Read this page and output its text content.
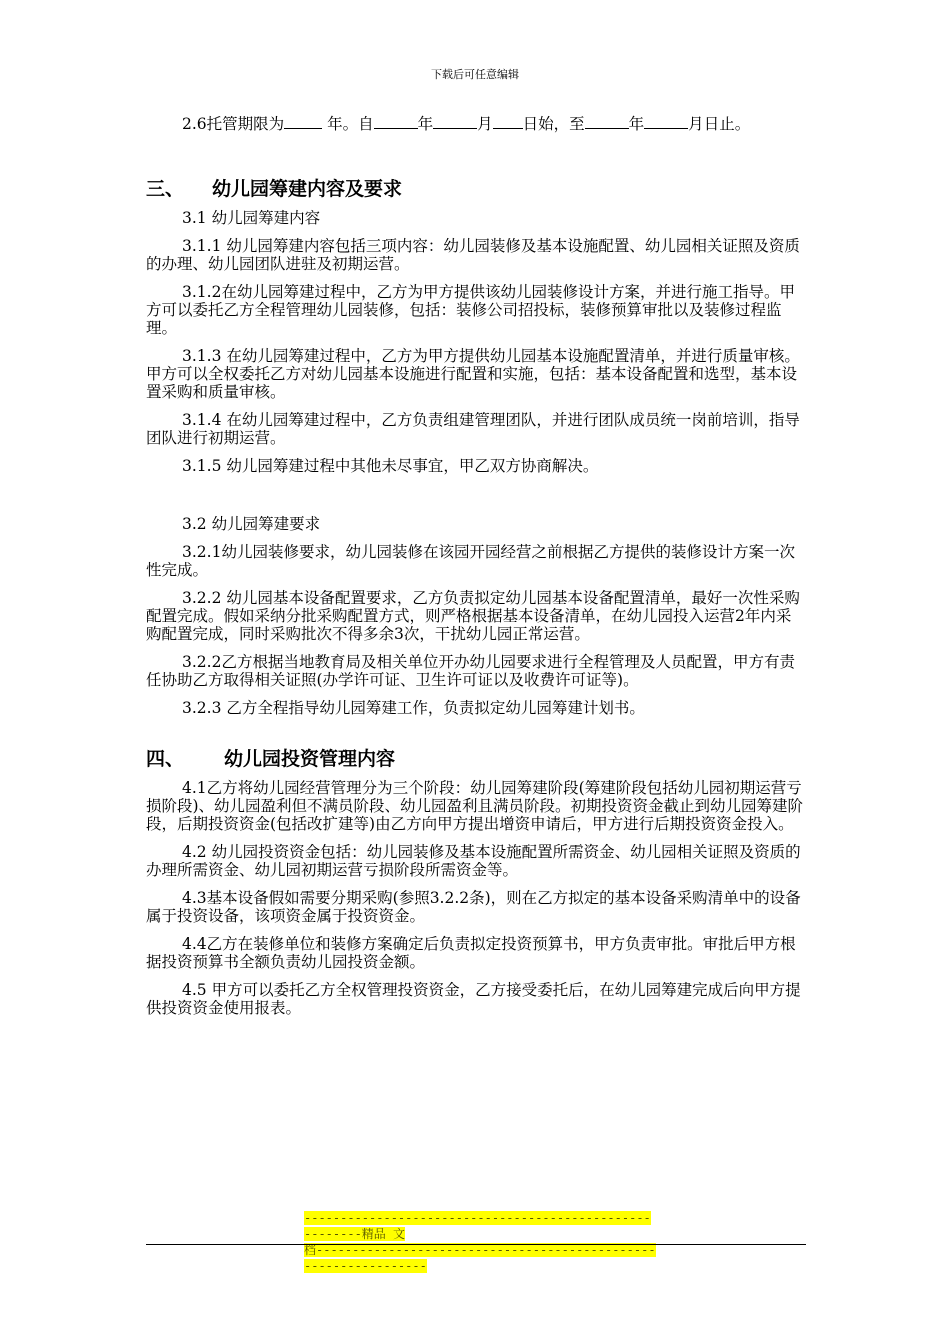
下载后可任意编辑

2.6托管期限为	年。自	年	月 日始，至	年	月日止。

三、 幼儿园筹建内容及要求

3.1 幼儿园筹建内容

3.1.1 幼儿园筹建内容包括三项内容：幼儿园装修及基本设施配置、幼儿园相关证照及资质的办理、幼儿园团队进驻及初期运营。

3.1.2在幼儿园筹建过程中，乙方为甲方提供该幼儿园装修设计方案，并进行施工指导。甲方可以委托乙方全程管理幼儿园装修，包括：装修公司招投标，装修预算审批以及装修过程监理。

3.1.3 在幼儿园筹建过程中，乙方为甲方提供幼儿园基本设施配置清单，并进行质量审核。甲方可以全权委托乙方对幼儿园基本设施进行配置和实施，包括：基本设备配置和选型，基本设置采购和质量审核。

3.1.4 在幼儿园筹建过程中，乙方负责组建管理团队，并进行团队成员统一岗前培训，指导团队进行初期运营。

3.1.5 幼儿园筹建过程中其他未尽事宜，甲乙双方协商解决。

3.2 幼儿园筹建要求

3.2.1幼儿园装修要求，幼儿园装修在该园开园经营之前根据乙方提供的装修设计方案一次性完成。

3.2.2 幼儿园基本设备配置要求，乙方负责拟定幼儿园基本设备配置清单，最好一次性采购配置完成。假如采纳分批采购配置方式，则严格根据基本设备清单，在幼儿园投入运营2年内采购配置完成，同时采购批次不得多余3次，干扰幼儿园正常运营。

3.2.2乙方根据当地教育局及相关单位开办幼儿园要求进行全程管理及人员配置，甲方有责任协助乙方取得相关证照(办学许可证、卫生许可证以及收费许可证等)。

3.2.3 乙方全程指导幼儿园筹建工作，负责拟定幼儿园筹建计划书。

四、 幼儿园投资管理内容

4.1乙方将幼儿园经营管理分为三个阶段：幼儿园筹建阶段(筹建阶段包括幼儿园初期运营亏损阶段)、幼儿园盈利但不满员阶段、幼儿园盈利且满员阶段。初期投资资金截止到幼儿园筹建阶段，后期投资资金(包括改扩建等)由乙方向甲方提出增资申请后，甲方进行后期投资资金投入。

4.2 幼儿园投资资金包括：幼儿园装修及基本设施配置所需资金、幼儿园相关证照及资质的办理所需资金、幼儿园初期运营亏损阶段所需资金等。

4.3基本设备假如需要分期采购(参照3.2.2条)，则在乙方拟定的基本设备采购清单中的设备属于投资设备，该项资金属于投资资金。

4.4乙方在装修单位和装修方案确定后负责拟定投资预算书，甲方负责审批。审批后甲方根据投资预算书全额负责幼儿园投资金额。

4.5 甲方可以委托乙方全权管理投资资金，乙方接受委托后，在幼儿园筹建完成后向甲方提供投资资金使用报表。

--------------------------------------------------------精品 文
档----------------------------------------------------------------
